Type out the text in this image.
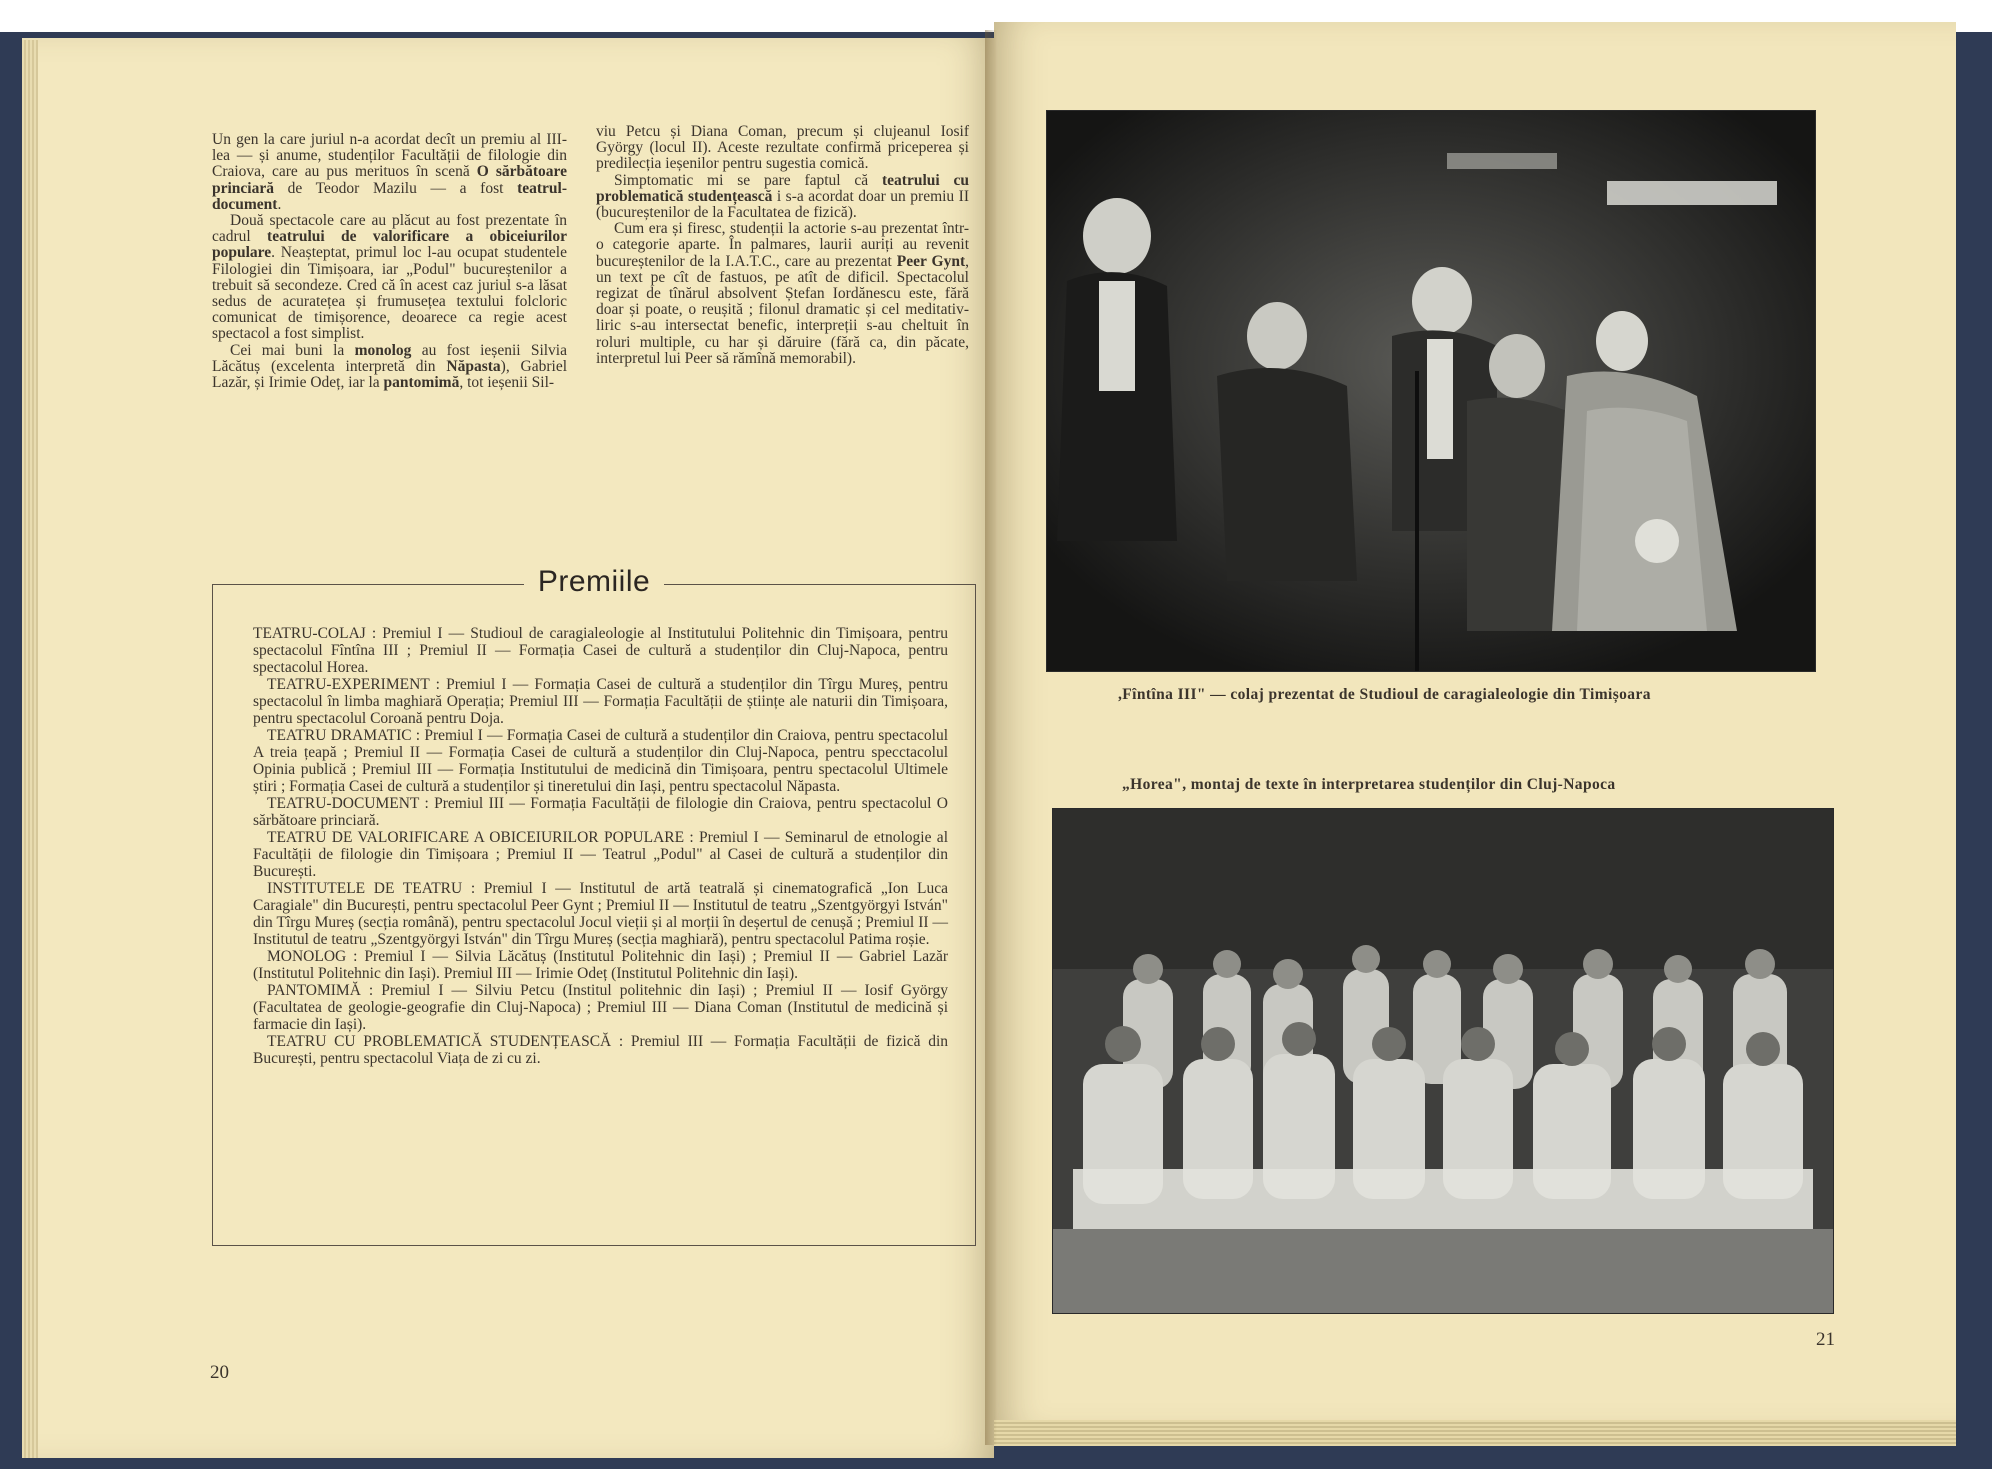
Un gen la care juriul n-a acordat decît un premiu al III-lea — și anume, studenților Facultății de filologie din Craiova, care au pus merituos în scenă O sărbătoare princiară de Teodor Mazilu — a fost teatrul-document.

Două spectacole care au plăcut au fost prezentate în cadrul teatrului de valorificare a obiceiurilor populare. Neașteptat, primul loc l-au ocupat studentele Filologiei din Timișoara, iar „Podul" bucureștenilor a trebuit să secondeze. Cred că în acest caz juriul s-a lăsat sedus de acuratețea și frumusețea textului folcloric comunicat de timișorence, deoarece ca regie acest spectacol a fost simplist.

Cei mai buni la monolog au fost ieșenii Silvia Lăcătuș (excelenta interpretă din Năpasta), Gabriel Lazăr, și Irimie Odeț, iar la pantomimă, tot ieșenii Sil-

viu Petcu și Diana Coman, precum și clujeanul Iosif György (locul II). Aceste rezultate confirmă priceperea și predilecția ieșenilor pentru sugestia comică.

Simptomatic mi se pare faptul că teatrului cu problematică studențească i s-a acordat doar un premiu II (bucureștenilor de la Facultatea de fizică).

Cum era și firesc, studenții la actorie s-au prezentat într-o categorie aparte. În palmares, laurii auriți au revenit bucureștenilor de la I.A.T.C., care au prezentat Peer Gynt, un text pe cît de fastuos, pe atît de dificil. Spectacolul regizat de tînărul absolvent Ștefan Iordănescu este, fără doar și poate, o reușită ; filonul dramatic și cel meditativ-liric s-au intersectat benefic, interpreții s-au cheltuit în roluri multiple, cu har și dăruire (fără ca, din păcate, interpretul lui Peer să rămînă memorabil).

Premiile

TEATRU-COLAJ : Premiul I — Studioul de caragialeologie al Institutului Politehnic din Timișoara, pentru spectacolul Fîntîna III ; Premiul II — Formația Casei de cultură a studenților din Cluj-Napoca, pentru spectacolul Horea.

TEATRU-EXPERIMENT : Premiul I — Formația Casei de cultură a studenților din Tîrgu Mureș, pentru spectacolul în limba maghiară Operația; Premiul III — Formația Facultății de științe ale naturii din Timișoara, pentru spectacolul Coroană pentru Doja.

TEATRU DRAMATIC : Premiul I — Formația Casei de cultură a studenților din Craiova, pentru spectacolul A treia țeapă ; Premiul II — Formația Casei de cultură a studenților din Cluj-Napoca, pentru specctacolul Opinia publică ; Premiul III — Formația Institutului de medicină din Timișoara, pentru spectacolul Ultimele știri ; Formația Casei de cultură a studenților și tineretului din Iași, pentru spectacolul Năpasta.

TEATRU-DOCUMENT : Premiul III — Formația Facultății de filologie din Craiova, pentru spectacolul O sărbătoare princiară.

TEATRU DE VALORIFICARE A OBICEIURILOR POPULARE : Premiul I — Seminarul de etnologie al Facultății de filologie din Timișoara ; Premiul II — Teatrul „Podul" al Casei de cultură a studenților din București.

INSTITUTELE DE TEATRU : Premiul I — Institutul de artă teatrală și cinematografică „Ion Luca Caragiale" din București, pentru spectacolul Peer Gynt ; Premiul II — Institutul de teatru „Szentgyörgyi István" din Tîrgu Mureș (secția română), pentru spectacolul Jocul vieții și al morții în deșertul de cenușă ; Premiul II — Institutul de teatru „Szentgyörgyi István" din Tîrgu Mureș (secția maghiară), pentru spectacolul Patima roșie.

MONOLOG : Premiul I — Silvia Lăcătuș (Institutul Politehnic din Iași) ; Premiul II — Gabriel Lazăr (Institutul Politehnic din Iași). Premiul III — Irimie Odeț (Institutul Politehnic din Iași).

PANTOMIMĂ : Premiul I — Silviu Petcu (Institul politehnic din Iași) ; Premiul II — Iosif György (Facultatea de geologie-geografie din Cluj-Napoca) ; Premiul III — Diana Coman (Institutul de medicină și farmacie din Iași).

TEATRU CU PROBLEMATICĂ STUDENȚEASCĂ : Premiul III — Formația Facultății de fizică din București, pentru spectacolul Viața de zi cu zi.

20
,Fîntîna III" — colaj prezentat de Studioul de caragialeologie din Timișoara
„Horea", montaj de texte în interpretarea studenților din Cluj-Napoca
21
